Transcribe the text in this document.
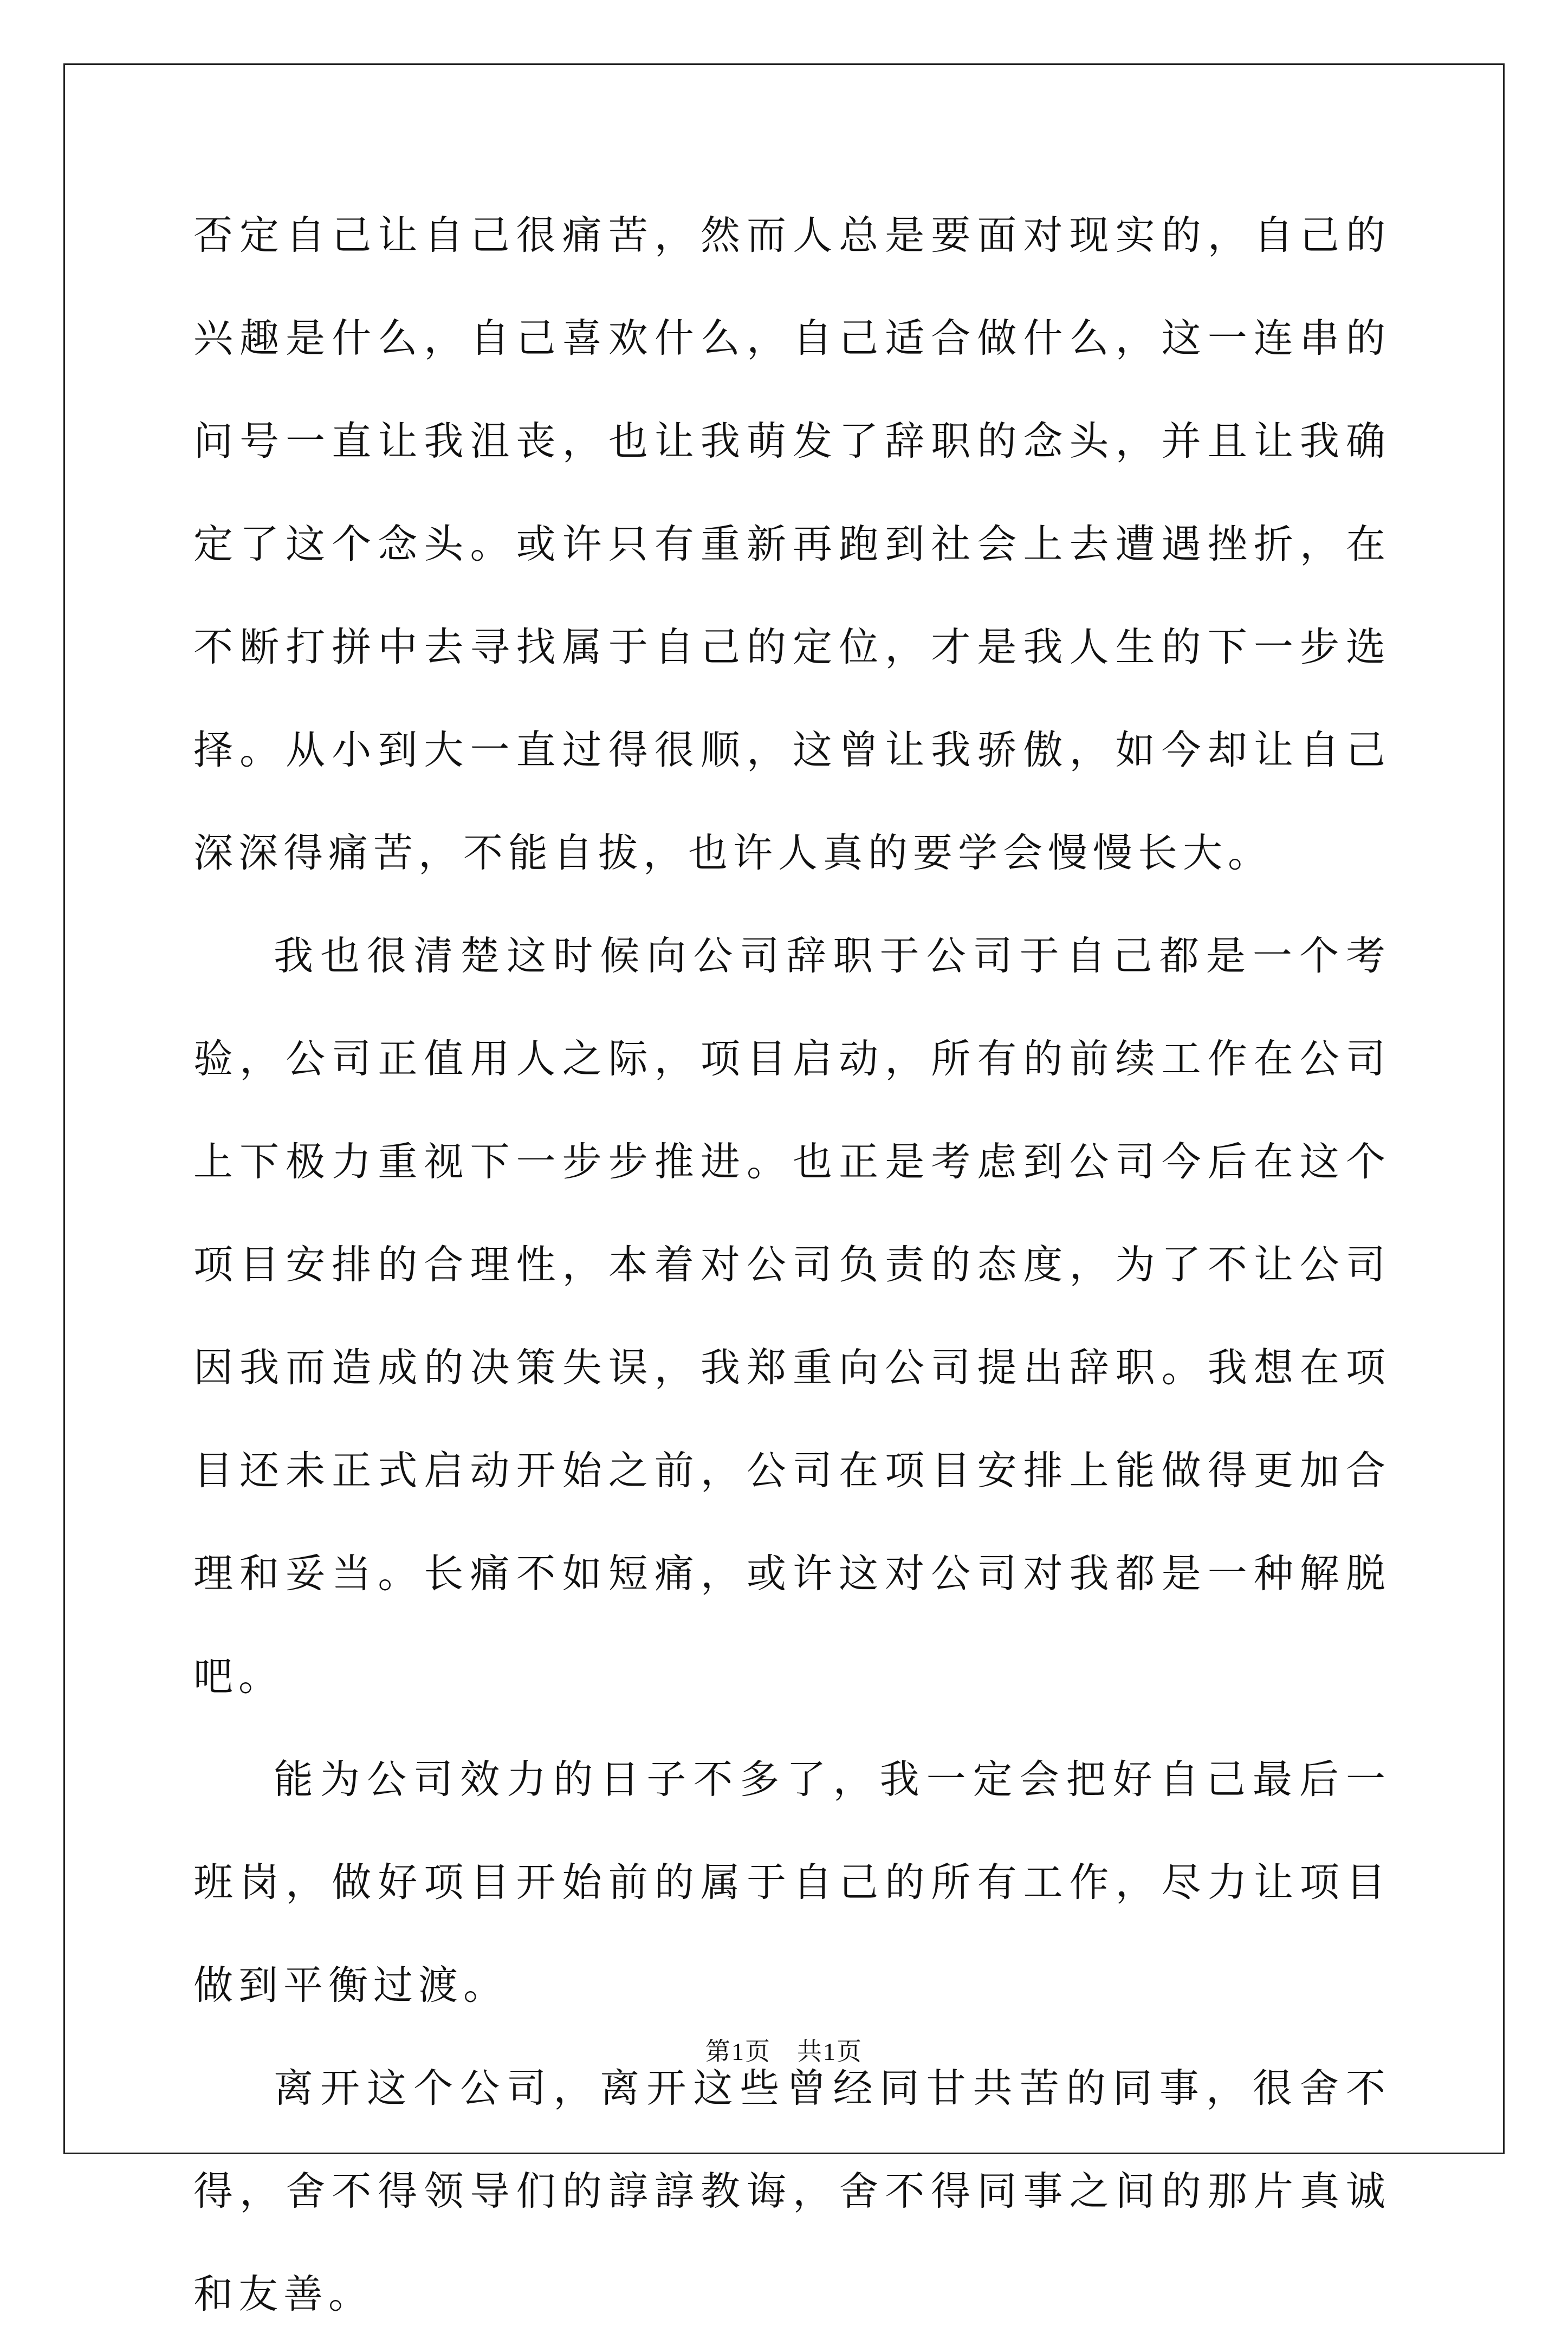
否定自己让自己很痛苦，然而人总是要面对现实的，自己的兴趣是什么，自己喜欢什么，自己适合做什么，这一连串的问号一直让我沮丧，也让我萌发了辞职的念头，并且让我确定了这个念头。或许只有重新再跑到社会上去遭遇挫折，在不断打拼中去寻找属于自己的定位，才是我人生的下一步选择。从小到大一直过得很顺，这曾让我骄傲，如今却让自己深深得痛苦，不能自拔，也许人真的要学会慢慢长大。

我也很清楚这时候向公司辞职于公司于自己都是一个考验，公司正值用人之际，项目启动，所有的前续工作在公司上下极力重视下一步步推进。也正是考虑到公司今后在这个项目安排的合理性，本着对公司负责的态度，为了不让公司因我而造成的决策失误，我郑重向公司提出辞职。我想在项目还未正式启动开始之前，公司在项目安排上能做得更加合理和妥当。长痛不如短痛，或许这对公司对我都是一种解脱吧。

能为公司效力的日子不多了，我一定会把好自己最后一班岗，做好项目开始前的属于自己的所有工作，尽力让项目做到平衡过渡。

离开这个公司，离开这些曾经同甘共苦的同事，很舍不得，舍不得领导们的諄諄教诲，舍不得同事之间的那片真诚和友善。

第1页　共1页
